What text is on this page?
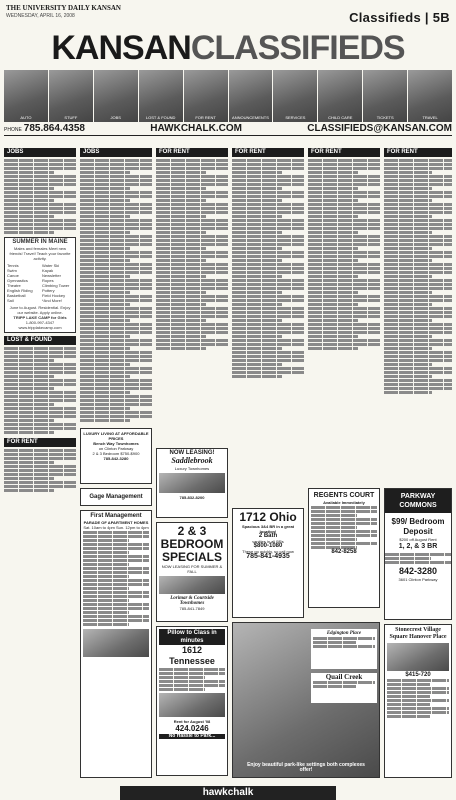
THE UNIVERSITY DAILY KANSAN
WEDNESDAY, APRIL 16, 2008	Classifieds | 5B
KANSANCLASSIFIEDS
AUTO	STUFF	JOBS	LOST & FOUND	FOR RENT	ANNOUNCEMENTS	SERVICES	CHILD CARE	TICKETS	TRAVEL
PHONE 785.864.4358	HAWKCHALK.COM	CLASSIFIEDS@KANSAN.COM
JOBS
SUMMER IN MAINE
Males and females Meet new friends! Travel! Teach your favorite activity.
Tennis
Swim
Canoe
Gymnastics
Theatre
English Riding
Basketball
Sail
Water Ski
Kayak
Newsletter
Ropes
Climbing Tower
Pottery
Field Hockey
*And More!
June to August. Residential. Enjoy our website. Apply online.
TRIPP LAKE CAMP for Girls
1-800-997-4347
www.tripplakecamp.com
LOST & FOUND
FOR RENT
JOBS	FOR RENT
LUXURY LIVING AT AFFORDABLE PRICES
Bench Way Townhomes
on Clinton Parkway
2 & 3 Bedroom $750-$900

785-842-3280
Gage Management
First Management
PARADE OF APARTMENT HOMES
Sat. 10am to 4pm Sun. 12pm to 4pm
NOW LEASING!
Saddlebrook
Luxury Townhomes
785-832-8200
2 & 3 BEDROOM SPECIALS
NOW LEASING FOR SUMMER & FALL
Lorimar & Courtside Townhomes
785-841-7849
Pillow to Class in minutes
1612 Tennessee
Rent for August '08
424.0246
No Hassle to Park...
FOR RENT
1712 Ohio
Spacious 3&4 BR in a great location!
2 Bath
vanities in all BRs

$800-1080
These go quickly, so call now
785-841-4935
FOR RENT
REGENTS COURT
Available Immediately
842-8258
Edgington Place
Quail Creek
Enjoy beautiful park-like settings both complexes offer!
FOR RENT
PARKWAY COMMONS
$99/ Bedroom Deposit
$200 off August Rent
1, 2, & 3 BR
842-3280
3601 Clinton Parkway
Stonecrest Village Square Hanover Place
$415-720
hawkchalk
